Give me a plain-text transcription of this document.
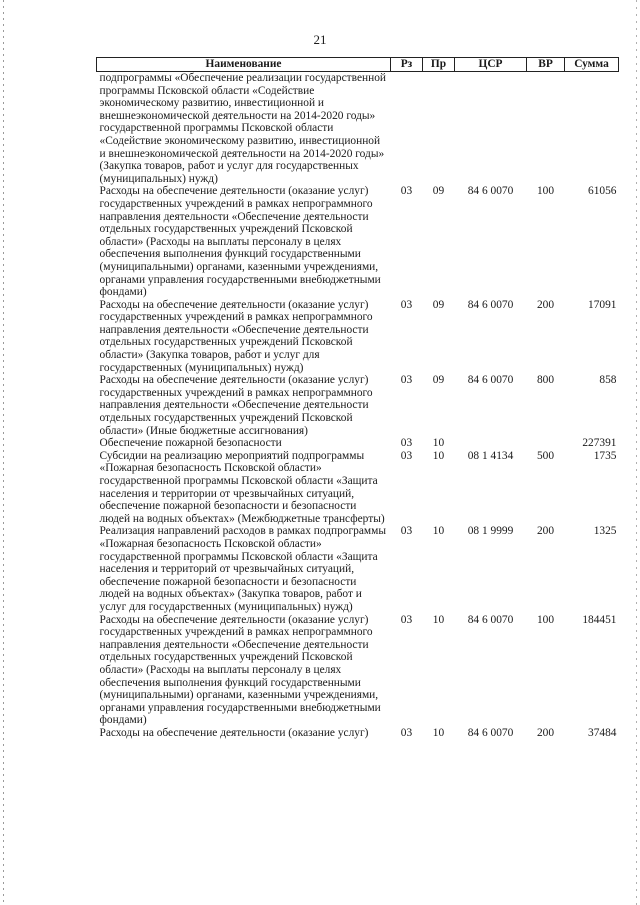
21
Наименование	Рз	Пр	ЦСР	ВР	Сумма
подпрограммы «Обеспечение реализации государственной программы Псковской области «Содействие экономическому развитию, инвестиционной и внешнеэкономической деятельности на 2014-2020 годы» государственной программы Псковской области «Содействие экономическому развитию, инвестиционной и внешнеэкономической деятельности на 2014-2020 годы» (Закупка товаров, работ и услуг для государственных (муниципальных) нужд)					
Расходы на обеспечение деятельности (оказание услуг) государственных учреждений в рамках непрограммного направления деятельности «Обеспечение деятельности отдельных государственных учреждений Псковской области» (Расходы на выплаты персоналу в целях обеспечения выполнения функций государственными (муниципальными) органами, казенными учреждениями, органами управления государственными внебюджетными фондами)	03	09	84 6 0070	100	61056
Расходы на обеспечение деятельности (оказание услуг) государственных учреждений в рамках непрограммного направления деятельности «Обеспечение деятельности отдельных государственных учреждений Псковской области» (Закупка товаров, работ и услуг для государственных (муниципальных) нужд)	03	09	84 6 0070	200	17091
Расходы на обеспечение деятельности (оказание услуг) государственных учреждений в рамках непрограммного направления деятельности «Обеспечение деятельности отдельных государственных учреждений Псковской области» (Иные бюджетные ассигнования)	03	09	84 6 0070	800	858
Обеспечение пожарной безопасности	03	10			227391
Субсидии на реализацию мероприятий подпрограммы «Пожарная безопасность Псковской области» государственной программы Псковской области «Защита населения и территории от чрезвычайных ситуаций, обеспечение пожарной безопасности и безопасности людей на водных объектах» (Межбюджетные трансферты)	03	10	08 1 4134	500	1735
Реализация направлений расходов в рамках подпрограммы «Пожарная безопасность Псковской области» государственной программы Псковской области «Защита населения и территорий от чрезвычайных ситуаций, обеспечение пожарной безопасности и безопасности людей на водных объектах» (Закупка товаров, работ и услуг для государственных (муниципальных) нужд)	03	10	08 1 9999	200	1325
Расходы на обеспечение деятельности (оказание услуг) государственных учреждений в рамках непрограммного направления деятельности «Обеспечение деятельности отдельных государственных учреждений Псковской области» (Расходы на выплаты персоналу в целях обеспечения выполнения функций государственными (муниципальными) органами, казенными учреждениями, органами управления государственными внебюджетными фондами)	03	10	84 6 0070	100	184451
Расходы на обеспечение деятельности (оказание услуг)	03	10	84 6 0070	200	37484
